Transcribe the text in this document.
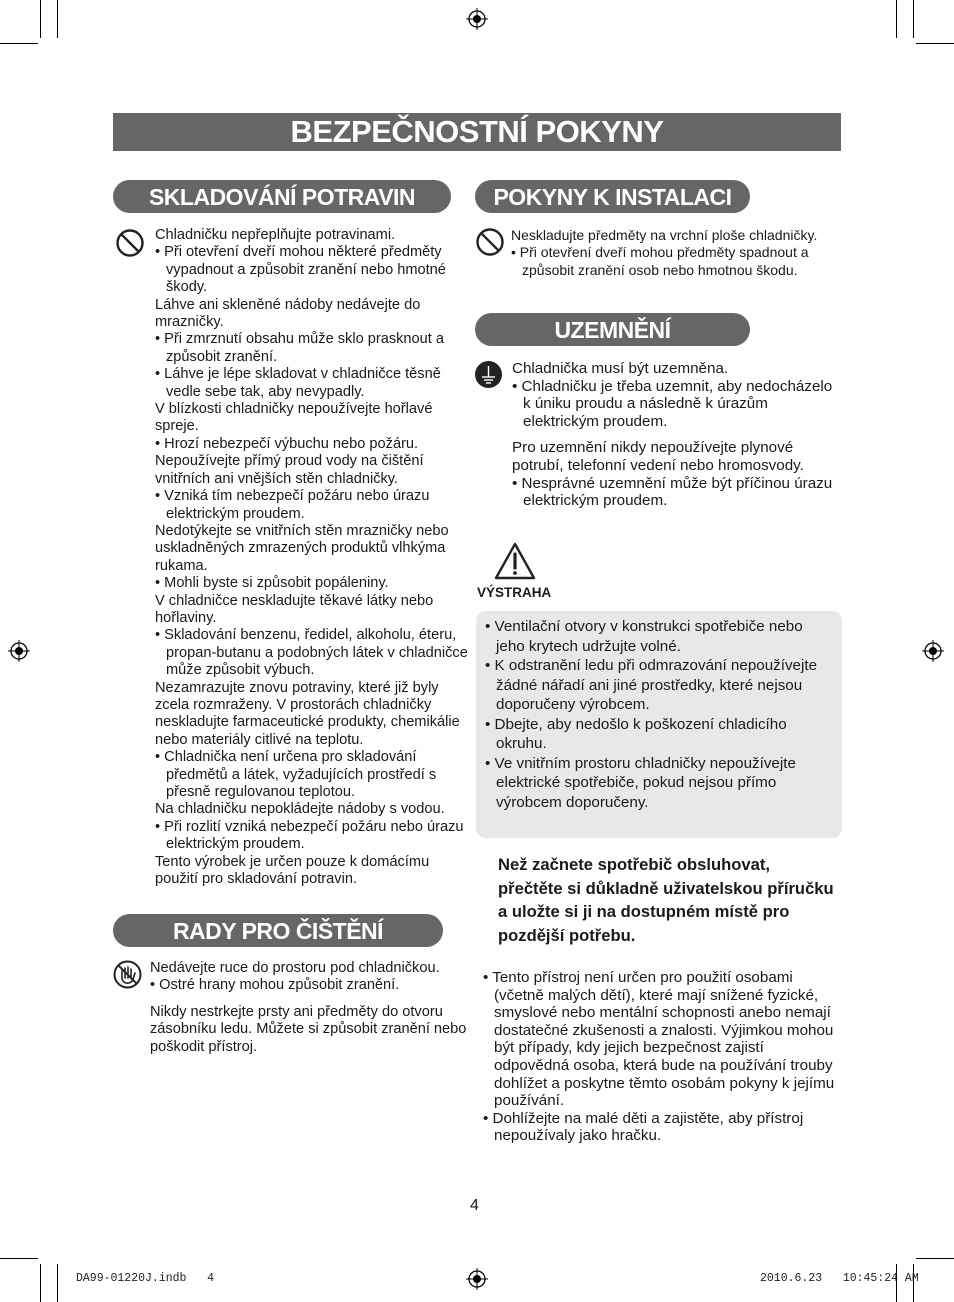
BEZPEČNOSTNÍ POKYNY
SKLADOVÁNÍ POTRAVIN
RADY PRO ČIŠTĚNÍ
POKYNY K INSTALACI
UZEMNĚNÍ

Chladničku nepřeplňujte potravinami.

• Při otevření dveří mohou některé předměty vypadnout a způsobit zranění nebo hmotné škody.

Láhve ani skleněné nádoby nedávejte do mrazničky.

• Při zmrznutí obsahu může sklo prasknout a způsobit zranění.

• Láhve je lépe skladovat v chladničce těsně vedle sebe tak, aby nevypadly.

V blízkosti chladničky nepoužívejte hořlavé spreje.

• Hrozí nebezpečí výbuchu nebo požáru.

Nepoužívejte přímý proud vody na čištění vnitřních ani vnějších stěn chladničky.

• Vzniká tím nebezpečí požáru nebo úrazu elektrickým proudem.

Nedotýkejte se vnitřních stěn mrazničky nebo uskladněných zmrazených produktů vlhkýma rukama.

• Mohli byste si způsobit popáleniny.

V chladničce neskladujte těkavé látky nebo hořlaviny.

• Skladování benzenu, ředidel, alkoholu, éteru, propan-butanu a podobných látek v chladničce může způsobit výbuch.

Nezamrazujte znovu potraviny, které již byly zcela rozmraženy. V prostorách chladničky neskladujte farmaceutické produkty, chemikálie nebo materiály citlivé na teplotu.

• Chladnička není určena pro skladování předmětů a látek, vyžadujících prostředí s přesně regulovanou teplotou.

Na chladničku nepokládejte nádoby s vodou.

• Při rozlití vzniká nebezpečí požáru nebo úrazu elektrickým proudem.

Tento výrobek je určen pouze k domácímu použití pro skladování potravin.

Nedávejte ruce do prostoru pod chladničkou.

• Ostré hrany mohou způsobit zranění.

Nikdy nestrkejte prsty ani předměty do otvoru zásobníku ledu. Můžete si způsobit zranění nebo poškodit přístroj.

Neskladujte předměty na vrchní ploše chladničky.

• Při otevření dveří mohou předměty spadnout a způsobit zranění osob nebo hmotnou škodu.

Chladnička musí být uzemněna.

• Chladničku je třeba uzemnit, aby nedocházelo k úniku proudu a následně k úrazům elektrickým proudem.

Pro uzemnění nikdy nepoužívejte plynové potrubí, telefonní vedení nebo hromosvody.

• Nesprávné uzemnění může být příčinou úrazu elektrickým proudem.

VÝSTRAHA

• Ventilační otvory v konstrukci spotřebiče nebo jeho krytech udržujte volné.

• K odstranění ledu při odmrazování nepoužívejte žádné nářadí ani jiné prostředky, které nejsou doporučeny výrobcem.

• Dbejte, aby nedošlo k poškození chladicího okruhu.

• Ve vnitřním prostoru chladničky nepoužívejte elektrické spotřebiče, pokud nejsou přímo výrobcem doporučeny.

Než začnete spotřebič obsluhovat, přečtěte si důkladně uživatelskou příručku a uložte si ji na dostupném místě pro pozdější potřebu.

• Tento přístroj není určen pro použití osobami (včetně malých dětí), které mají snížené fyzické, smyslové nebo mentální schopnosti anebo nemají dostatečné zkušenosti a znalosti. Výjimkou mohou být případy, kdy jejich bezpečnost zajistí odpovědná osoba, která bude na používání trouby dohlížet a poskytne těmto osobám pokyny k jejímu používání.

• Dohlížejte na malé děti a zajistěte, aby přístroj nepoužívaly jako hračku.

4
DA99-01220J.indb   4	2010.6.23   10:45:24 AM
